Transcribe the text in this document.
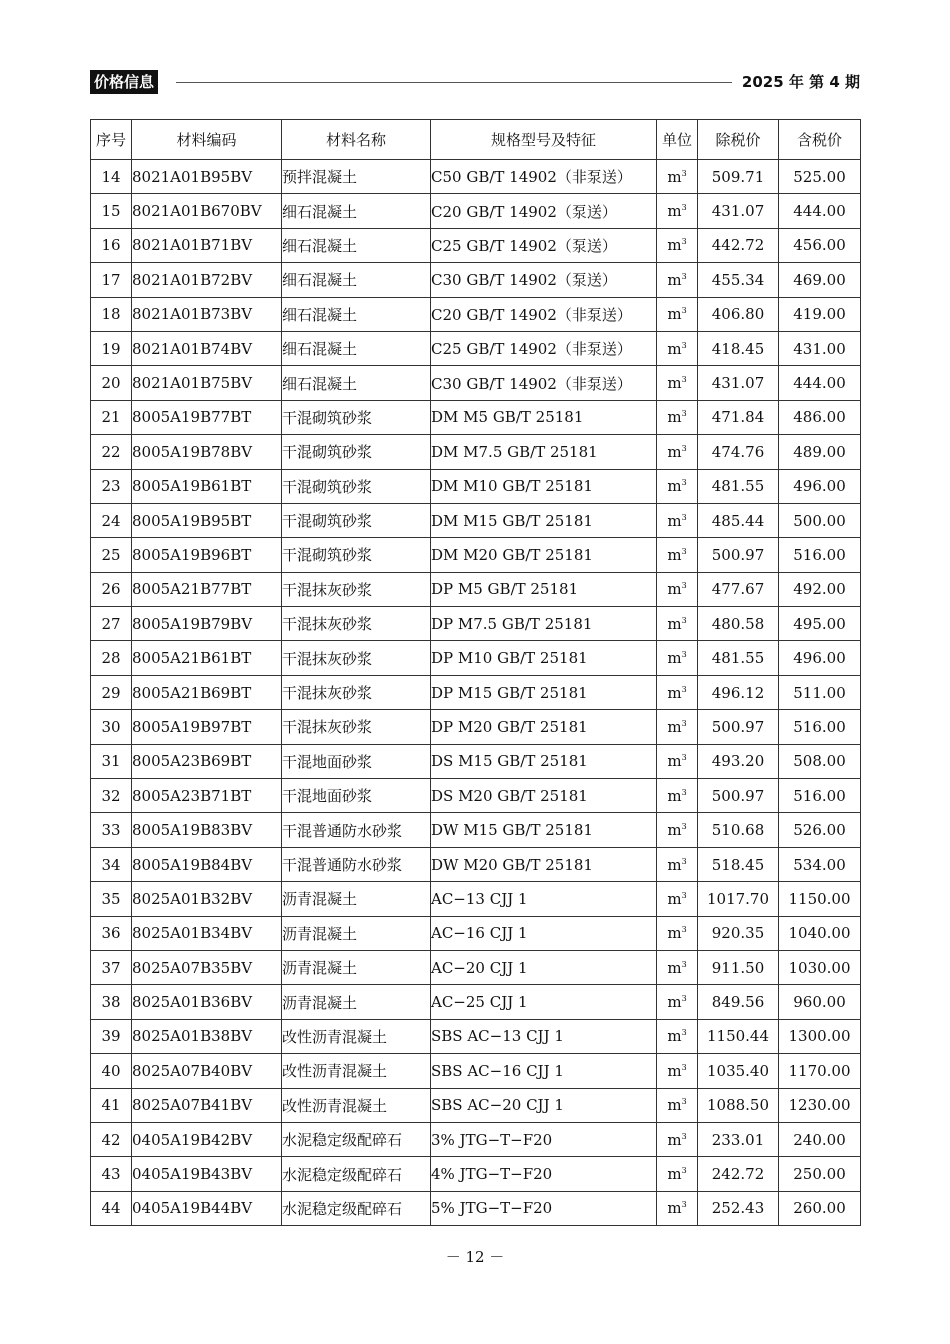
价格信息	2025 年 第 4 期
序号	材料编码	材料名称	规格型号及特征	单位	除税价	含税价
14	8021A01B95BV	预拌混凝土	C50 GB/T 14902（非泵送）	$m^3$	509.71	525.00
15	8021A01B670BV	细石混凝土	C20 GB/T 14902（泵送）	$m^3$	431.07	444.00
16	8021A01B71BV	细石混凝土	C25 GB/T 14902（泵送）	$m^3$	442.72	456.00
17	8021A01B72BV	细石混凝土	C30 GB/T 14902（泵送）	$m^3$	455.34	469.00
18	8021A01B73BV	细石混凝土	C20 GB/T 14902（非泵送）	$m^3$	406.80	419.00
19	8021A01B74BV	细石混凝土	C25 GB/T 14902（非泵送）	$m^3$	418.45	431.00
20	8021A01B75BV	细石混凝土	C30 GB/T 14902（非泵送）	$m^3$	431.07	444.00
21	8005A19B77BT	干混砌筑砂浆	DM M5 GB/T 25181	$m^3$	471.84	486.00
22	8005A19B78BV	干混砌筑砂浆	DM M7.5 GB/T 25181	$m^3$	474.76	489.00
23	8005A19B61BT	干混砌筑砂浆	DM M10 GB/T 25181	$m^3$	481.55	496.00
24	8005A19B95BT	干混砌筑砂浆	DM M15 GB/T 25181	$m^3$	485.44	500.00
25	8005A19B96BT	干混砌筑砂浆	DM M20 GB/T 25181	$m^3$	500.97	516.00
26	8005A21B77BT	干混抹灰砂浆	DP M5 GB/T 25181	$m^3$	477.67	492.00
27	8005A19B79BV	干混抹灰砂浆	DP M7.5 GB/T 25181	$m^3$	480.58	495.00
28	8005A21B61BT	干混抹灰砂浆	DP M10 GB/T 25181	$m^3$	481.55	496.00
29	8005A21B69BT	干混抹灰砂浆	DP M15 GB/T 25181	$m^3$	496.12	511.00
30	8005A19B97BT	干混抹灰砂浆	DP M20 GB/T 25181	$m^3$	500.97	516.00
31	8005A23B69BT	干混地面砂浆	DS M15 GB/T 25181	$m^3$	493.20	508.00
32	8005A23B71BT	干混地面砂浆	DS M20 GB/T 25181	$m^3$	500.97	516.00
33	8005A19B83BV	干混普通防水砂浆	DW M15 GB/T 25181	$m^3$	510.68	526.00
34	8005A19B84BV	干混普通防水砂浆	DW M20 GB/T 25181	$m^3$	518.45	534.00
35	8025A01B32BV	沥青混凝土	AC−13 CJJ 1	$m^3$	1017.70	1150.00
36	8025A01B34BV	沥青混凝土	AC−16 CJJ 1	$m^3$	920.35	1040.00
37	8025A07B35BV	沥青混凝土	AC−20 CJJ 1	$m^3$	911.50	1030.00
38	8025A01B36BV	沥青混凝土	AC−25 CJJ 1	$m^3$	849.56	960.00
39	8025A01B38BV	改性沥青混凝土	SBS AC−13 CJJ 1	$m^3$	1150.44	1300.00
40	8025A07B40BV	改性沥青混凝土	SBS AC−16 CJJ 1	$m^3$	1035.40	1170.00
41	8025A07B41BV	改性沥青混凝土	SBS AC−20 CJJ 1	$m^3$	1088.50	1230.00
42	0405A19B42BV	水泥稳定级配碎石	3% JTG−T−F20	$m^3$	233.01	240.00
43	0405A19B43BV	水泥稳定级配碎石	4% JTG−T−F20	$m^3$	242.72	250.00
44	0405A19B44BV	水泥稳定级配碎石	5% JTG−T−F20	$m^3$	252.43	260.00
－ 12 －
